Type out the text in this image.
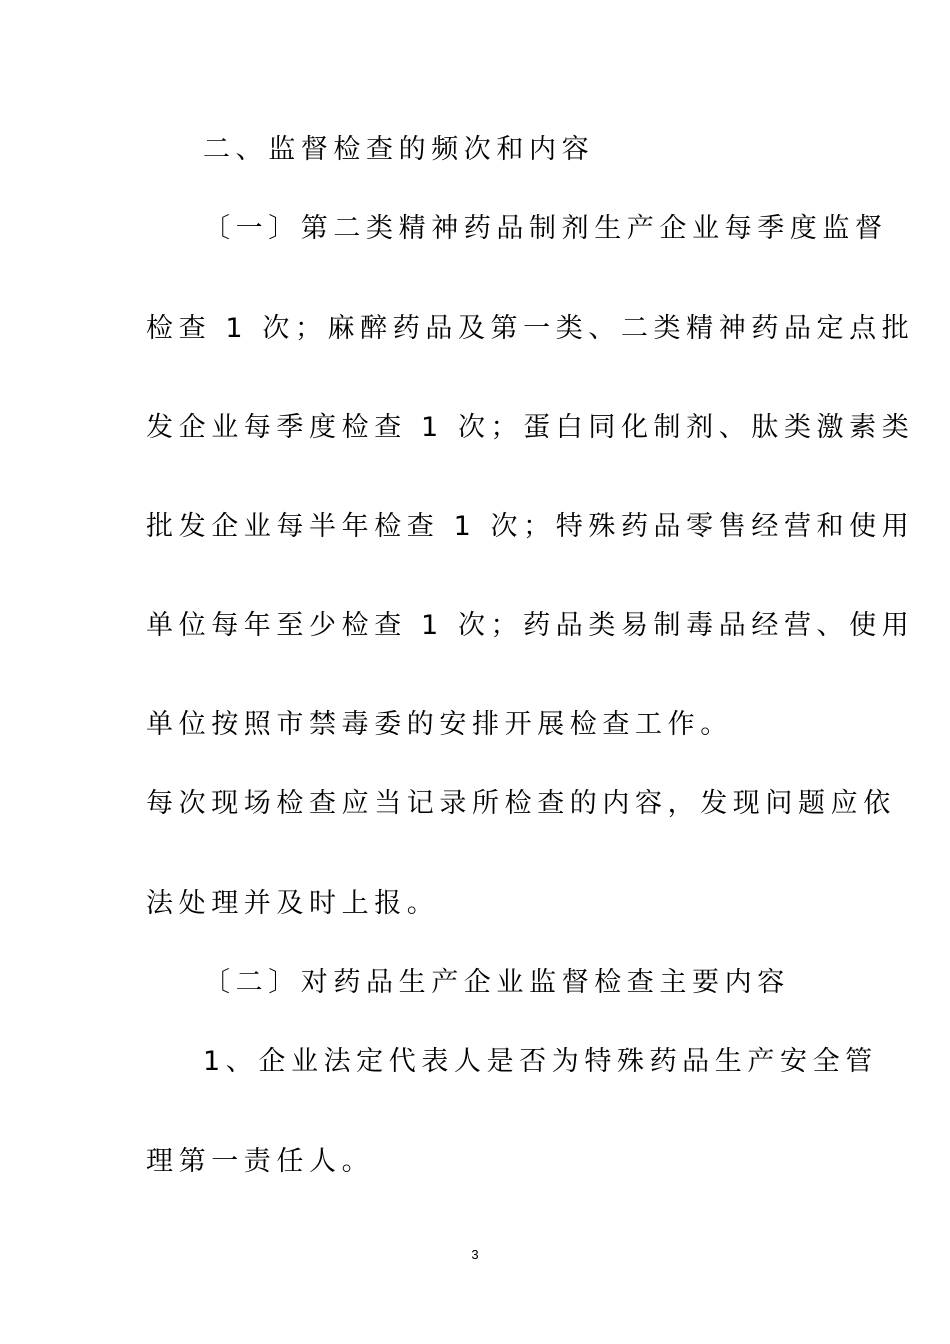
二、监督检查的频次和内容
〔一〕第二类精神药品制剂生产企业每季度监督
检查 1 次；麻醉药品及第一类、二类精神药品定点批
发企业每季度检查 1 次；蛋白同化制剂、肽类激素类
批发企业每半年检查 1 次；特殊药品零售经营和使用
单位每年至少检查 1 次；药品类易制毒品经营、使用
单位按照市禁毒委的安排开展检查工作。
每次现场检查应当记录所检查的内容，发现问题应依
法处理并及时上报。
〔二〕对药品生产企业监督检查主要内容
1、企业法定代表人是否为特殊药品生产安全管
理第一责任人。
3
